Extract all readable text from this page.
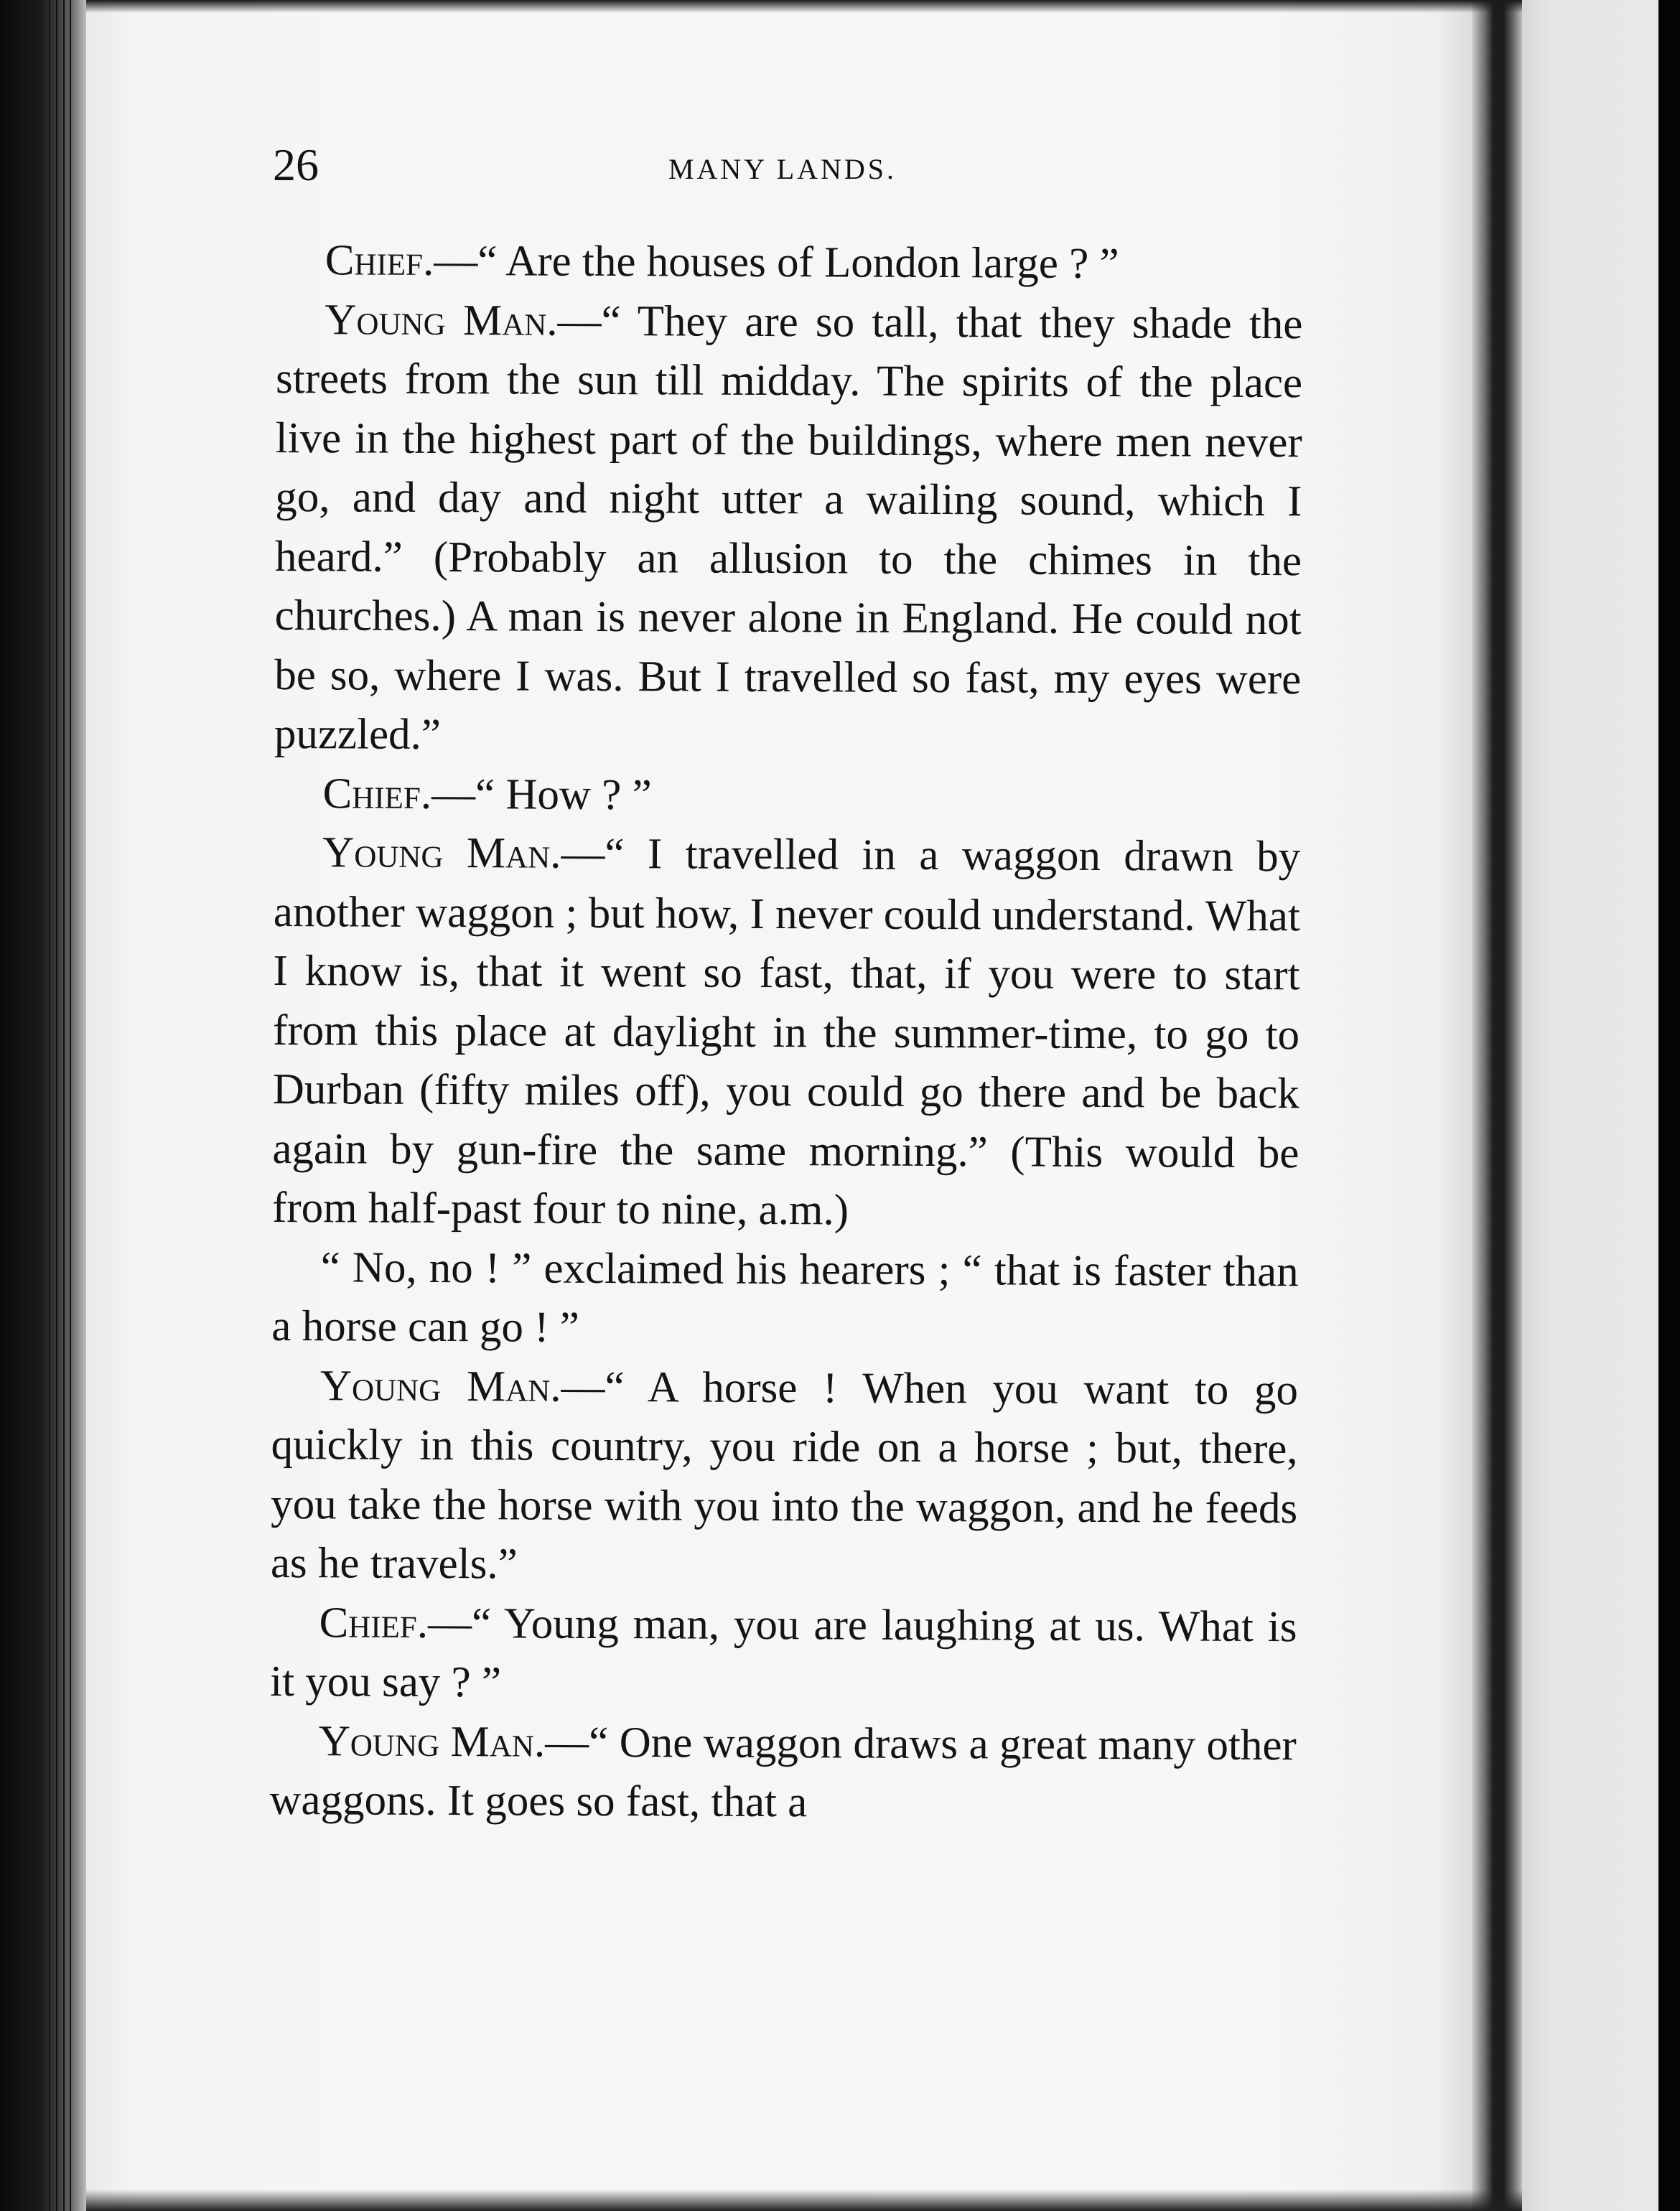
26	MANY LANDS.

Chief.—“ Are the houses of London large ? ”

Young Man.—“ They are so tall, that they shade the streets from the sun till midday. The spirits of the place live in the highest part of the buildings, where men never go, and day and night utter a wailing sound, which I heard.” (Probably an allusion to the chimes in the churches.) A man is never alone in England. He could not be so, where I was. But I travelled so fast, my eyes were puzzled.”

Chief.—“ How ? ”

Young Man.—“ I travelled in a waggon drawn by another waggon ; but how, I never could understand. What I know is, that it went so fast, that, if you were to start from this place at daylight in the summer-time, to go to Durban (fifty miles off), you could go there and be back again by gun-fire the same morning.” (This would be from half-past four to nine, a.m.)

“ No, no ! ” exclaimed his hearers ; “ that is faster than a horse can go ! ”

Young Man.—“ A horse ! When you want to go quickly in this country, you ride on a horse ; but, there, you take the horse with you into the waggon, and he feeds as he travels.”

Chief.—“ Young man, you are laughing at us. What is it you say ? ”

Young Man.—“ One waggon draws a great many other waggons. It goes so fast, that a
